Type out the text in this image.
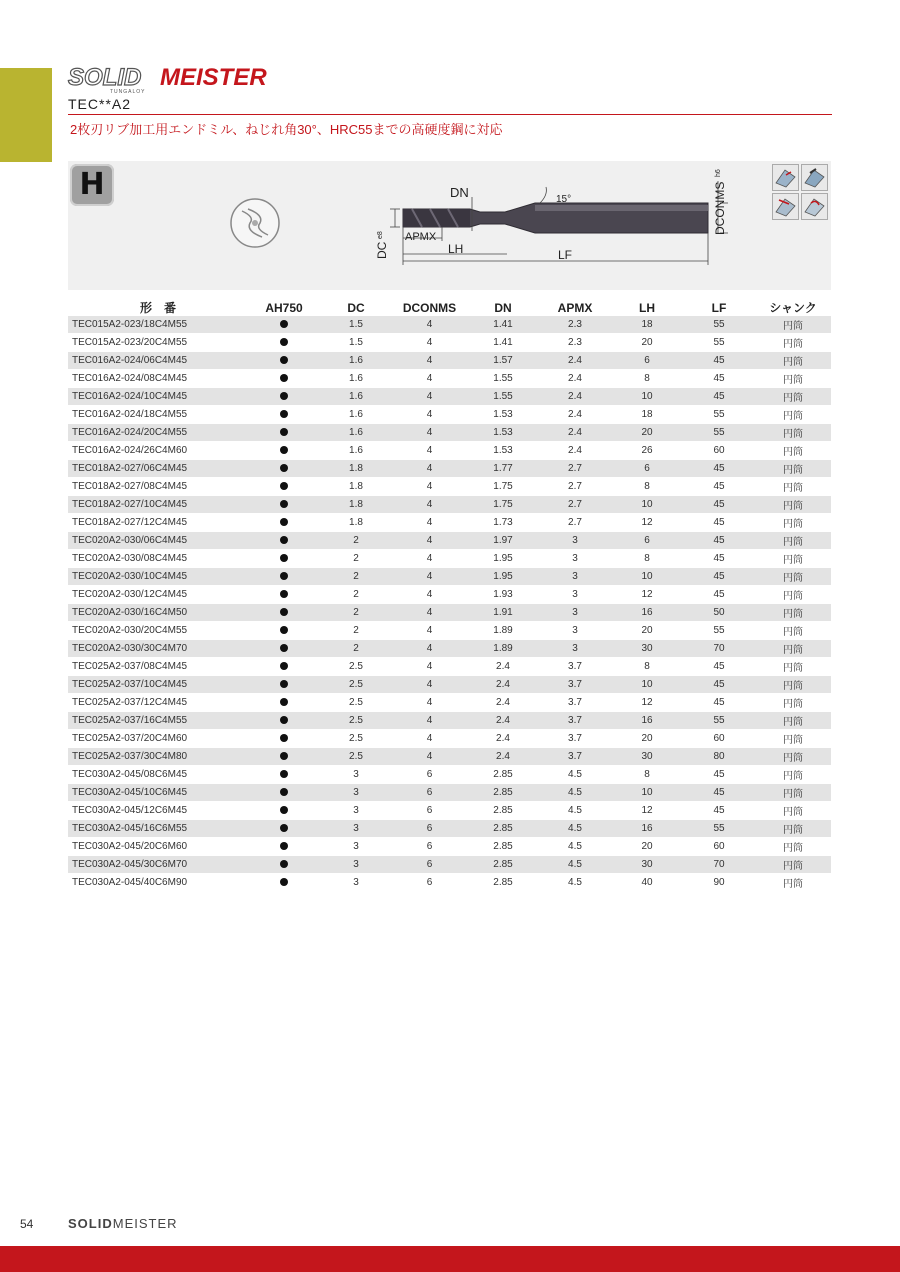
SOLID MEISTER
TUNGALOY
TEC**A2
2枚刃リブ加工用エンドミル、ねじれ角30°、HRC55までの高硬度鋼に対応
H	DN	15°
APMX
LH	LF
DC
e8
DCONMS
h6
形　番	AH750	DC	DCONMS	DN	APMX	LH	LF	シャンク
TEC015A2-023/18C4M55		1.5	4	1.41	2.3	18	55	円筒
TEC015A2-023/20C4M55		1.5	4	1.41	2.3	20	55	円筒
TEC016A2-024/06C4M45		1.6	4	1.57	2.4	6	45	円筒
TEC016A2-024/08C4M45		1.6	4	1.55	2.4	8	45	円筒
TEC016A2-024/10C4M45		1.6	4	1.55	2.4	10	45	円筒
TEC016A2-024/18C4M55		1.6	4	1.53	2.4	18	55	円筒
TEC016A2-024/20C4M55		1.6	4	1.53	2.4	20	55	円筒
TEC016A2-024/26C4M60		1.6	4	1.53	2.4	26	60	円筒
TEC018A2-027/06C4M45		1.8	4	1.77	2.7	6	45	円筒
TEC018A2-027/08C4M45		1.8	4	1.75	2.7	8	45	円筒
TEC018A2-027/10C4M45		1.8	4	1.75	2.7	10	45	円筒
TEC018A2-027/12C4M45		1.8	4	1.73	2.7	12	45	円筒
TEC020A2-030/06C4M45		2	4	1.97	3	6	45	円筒
TEC020A2-030/08C4M45		2	4	1.95	3	8	45	円筒
TEC020A2-030/10C4M45		2	4	1.95	3	10	45	円筒
TEC020A2-030/12C4M45		2	4	1.93	3	12	45	円筒
TEC020A2-030/16C4M50		2	4	1.91	3	16	50	円筒
TEC020A2-030/20C4M55		2	4	1.89	3	20	55	円筒
TEC020A2-030/30C4M70		2	4	1.89	3	30	70	円筒
TEC025A2-037/08C4M45		2.5	4	2.4	3.7	8	45	円筒
TEC025A2-037/10C4M45		2.5	4	2.4	3.7	10	45	円筒
TEC025A2-037/12C4M45		2.5	4	2.4	3.7	12	45	円筒
TEC025A2-037/16C4M55		2.5	4	2.4	3.7	16	55	円筒
TEC025A2-037/20C4M60		2.5	4	2.4	3.7	20	60	円筒
TEC025A2-037/30C4M80		2.5	4	2.4	3.7	30	80	円筒
TEC030A2-045/08C6M45		3	6	2.85	4.5	8	45	円筒
TEC030A2-045/10C6M45		3	6	2.85	4.5	10	45	円筒
TEC030A2-045/12C6M45		3	6	2.85	4.5	12	45	円筒
TEC030A2-045/16C6M55		3	6	2.85	4.5	16	55	円筒
TEC030A2-045/20C6M60		3	6	2.85	4.5	20	60	円筒
TEC030A2-045/30C6M70		3	6	2.85	4.5	30	70	円筒
TEC030A2-045/40C6M90		3	6	2.85	4.5	40	90	円筒
54	SOLIDMEISTER
